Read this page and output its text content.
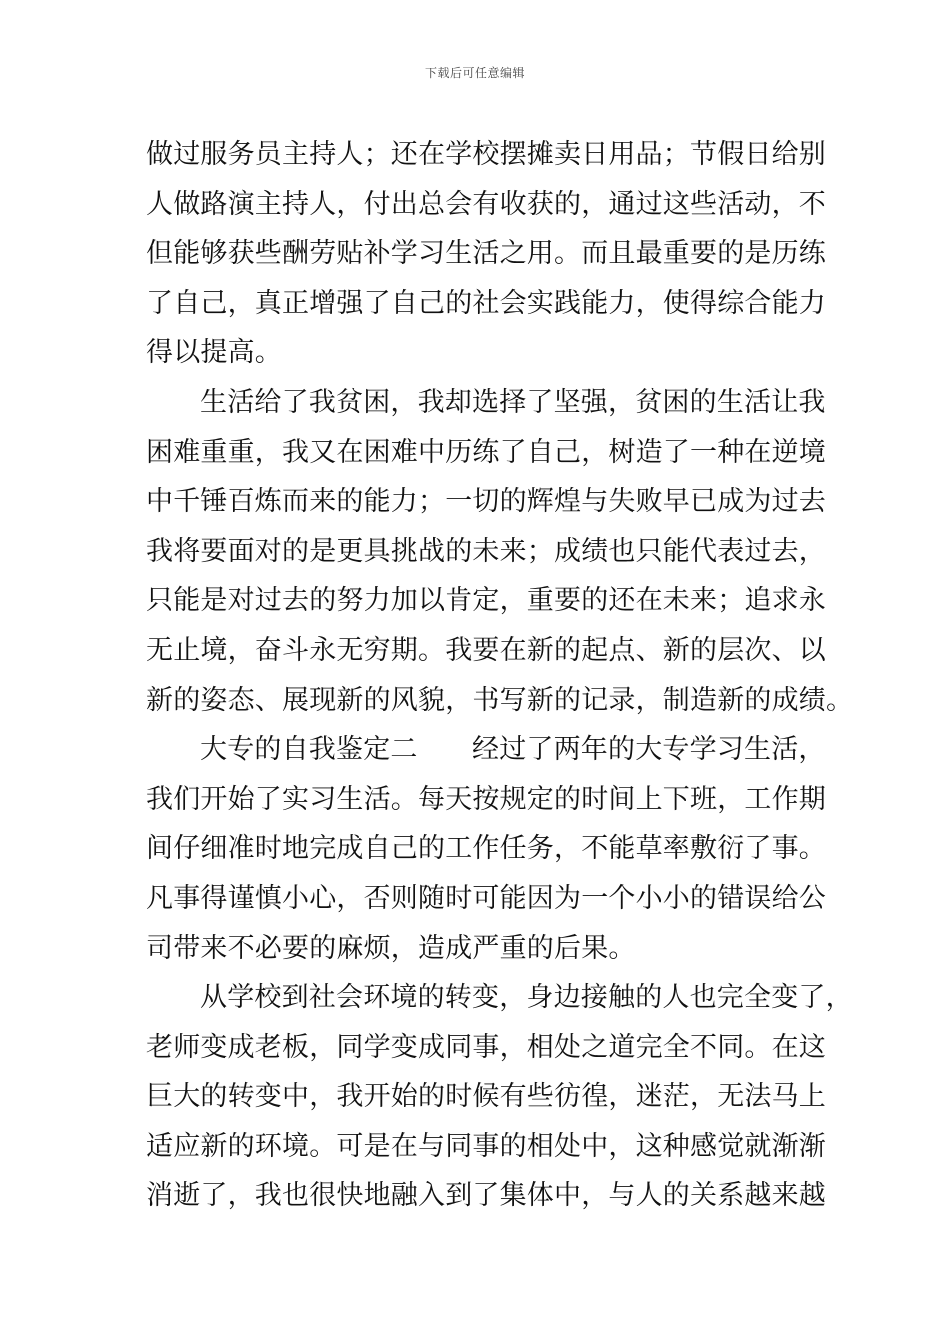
下载后可任意编辑
做过服务员主持人；还在学校摆摊卖日用品；节假日给别
人做路演主持人，付出总会有收获的，通过这些活动，不
但能够获些酬劳贴补学习生活之用。而且最重要的是历练
了自己，真正增强了自己的社会实践能力，使得综合能力
得以提高。
生活给了我贫困，我却选择了坚强，贫困的生活让我
困难重重，我又在困难中历练了自己，树造了一种在逆境
中千锤百炼而来的能力；一切的辉煌与失败早已成为过去
我将要面对的是更具挑战的未来；成绩也只能代表过去，
只能是对过去的努力加以肯定，重要的还在未来；追求永
无止境，奋斗永无穷期。我要在新的起点、新的层次、以
新的姿态、展现新的风貌，书写新的记录，制造新的成绩。
大专的自我鉴定二　　经过了两年的大专学习生活，
我们开始了实习生活。每天按规定的时间上下班，工作期
间仔细准时地完成自己的工作任务，不能草率敷衍了事。
凡事得谨慎小心，否则随时可能因为一个小小的错误给公
司带来不必要的麻烦，造成严重的后果。
从学校到社会环境的转变，身边接触的人也完全变了，
老师变成老板，同学变成同事，相处之道完全不同。在这
巨大的转变中，我开始的时候有些彷徨，迷茫，无法马上
适应新的环境。可是在与同事的相处中，这种感觉就渐渐
消逝了，我也很快地融入到了集体中，与人的关系越来越
